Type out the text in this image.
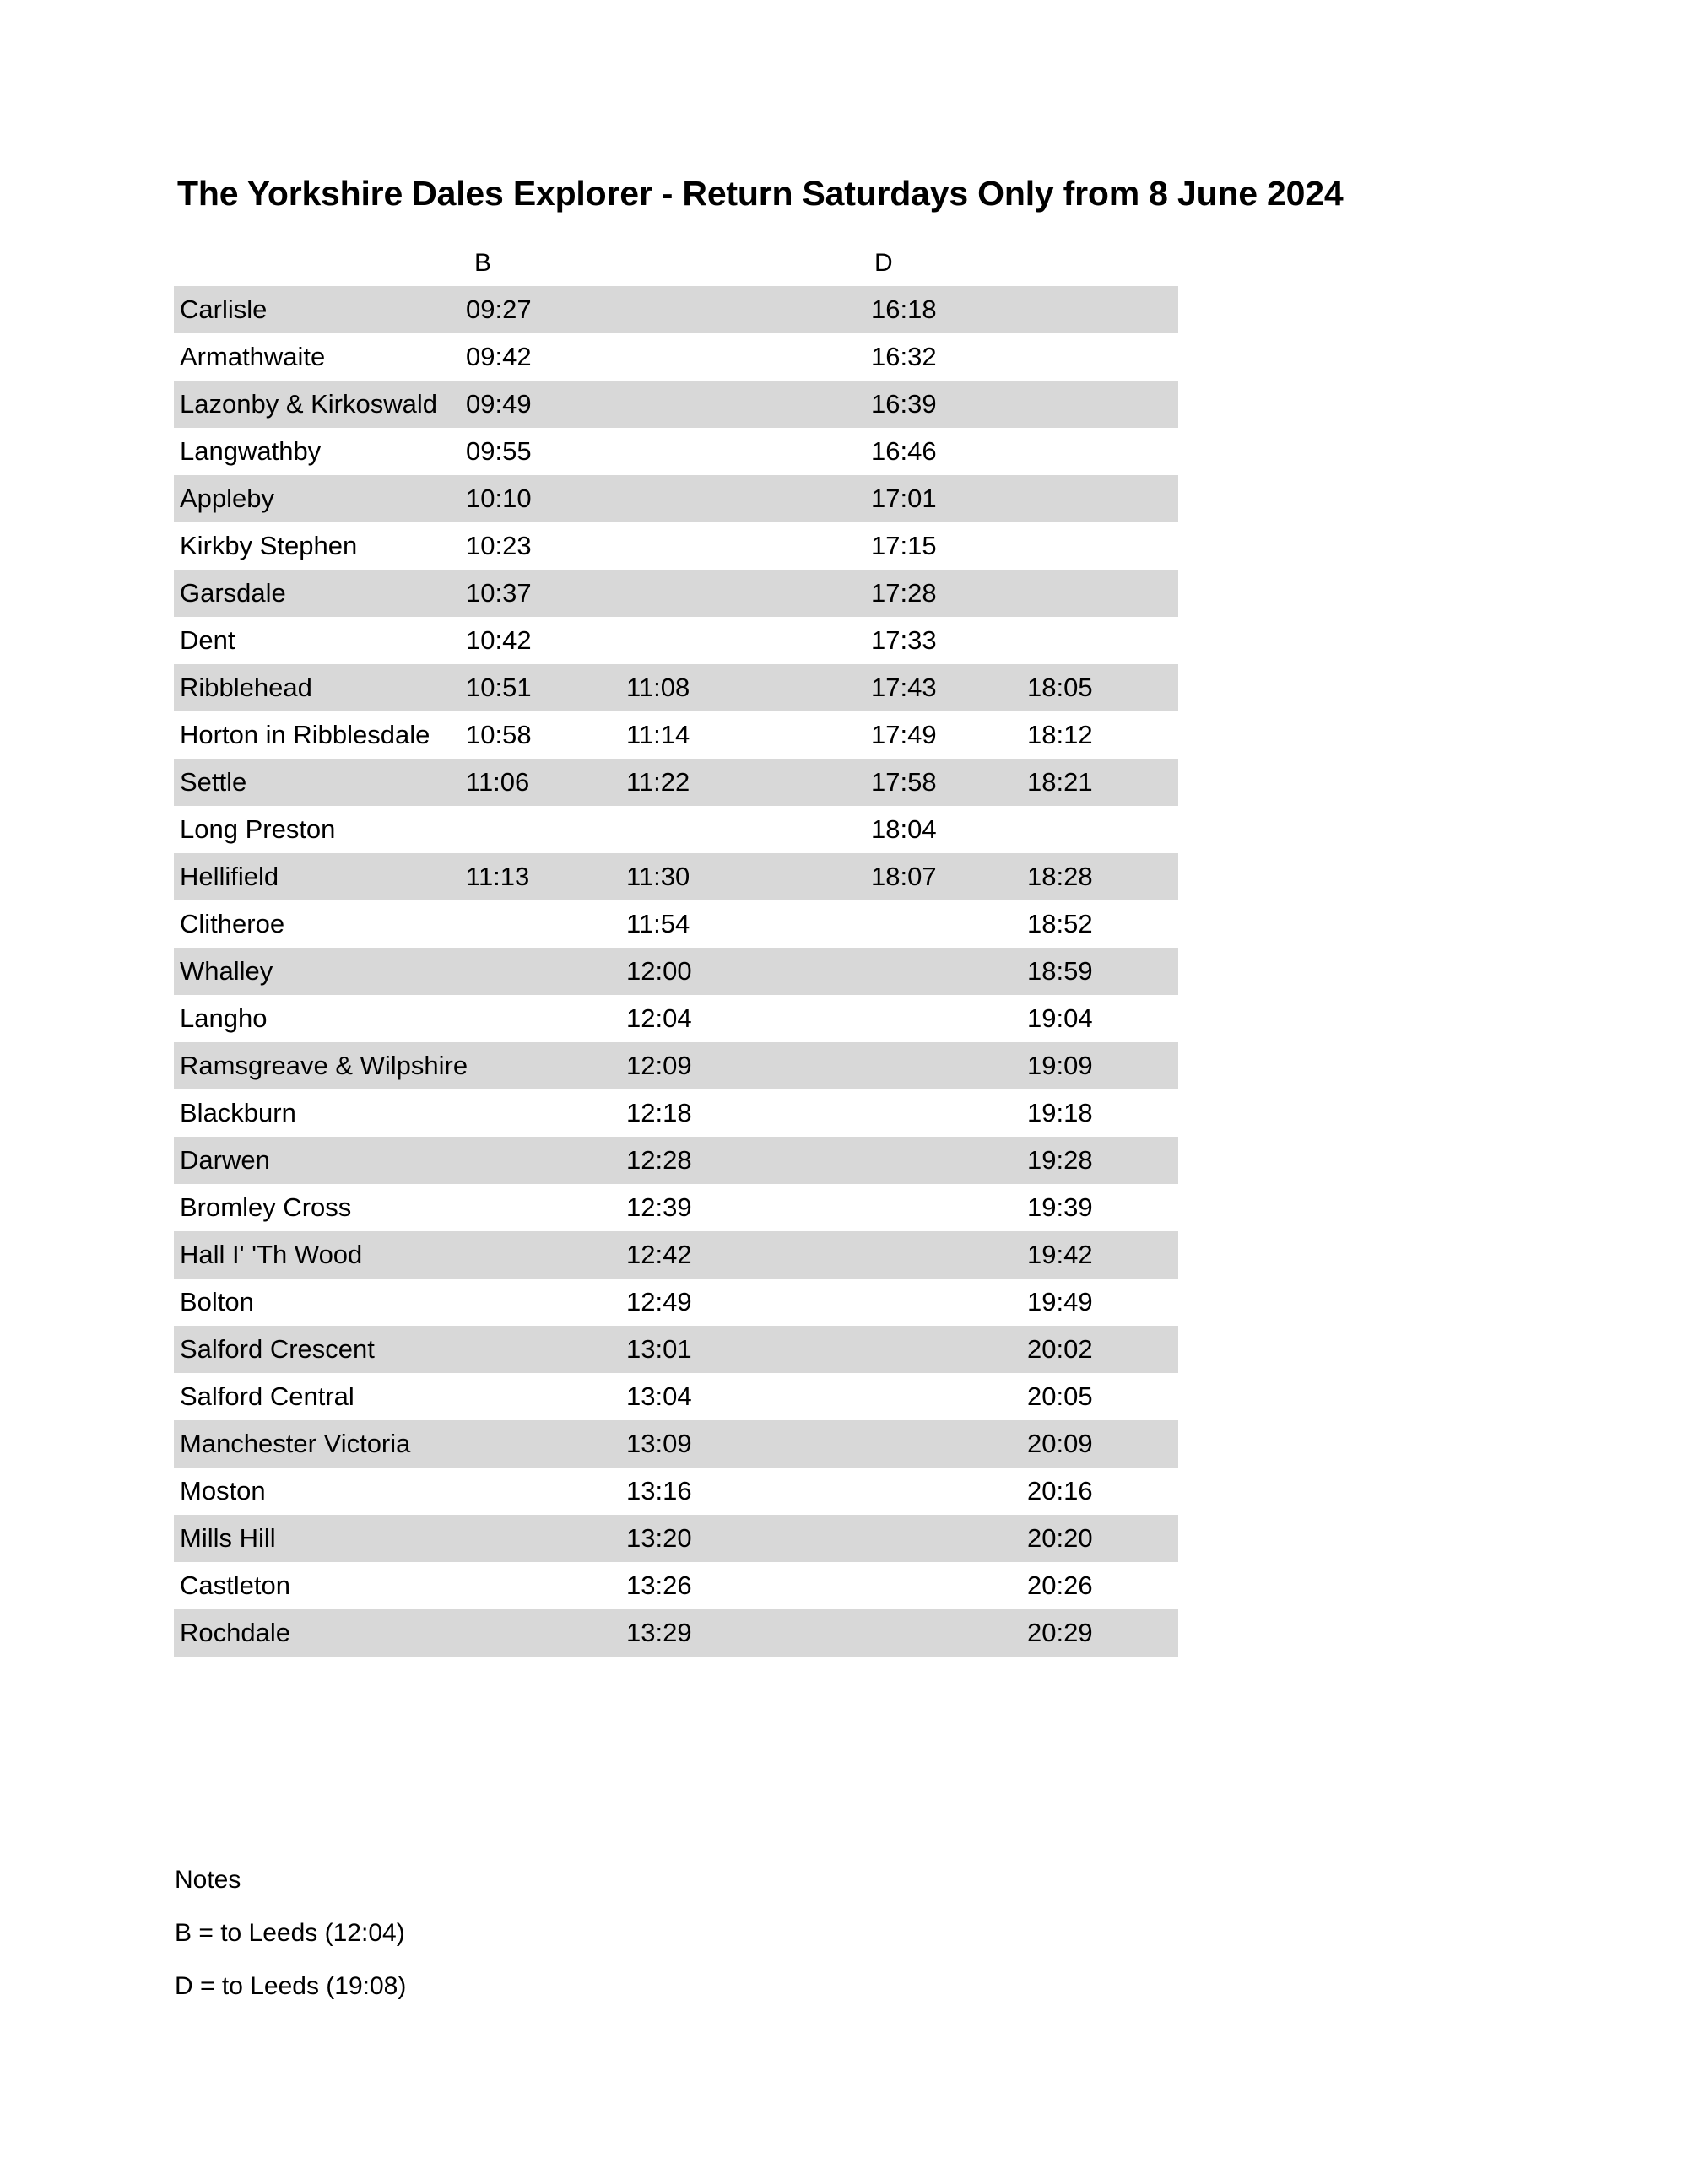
The Yorkshire Dales Explorer - Return Saturdays Only from 8 June 2024
	B		D	
Carlisle	09:27		16:18	
Armathwaite	09:42		16:32	
Lazonby & Kirkoswald	09:49		16:39	
Langwathby	09:55		16:46	
Appleby	10:10		17:01	
Kirkby Stephen	10:23		17:15	
Garsdale	10:37		17:28	
Dent	10:42		17:33	
Ribblehead	10:51	11:08	17:43	18:05
Horton in Ribblesdale	10:58	11:14	17:49	18:12
Settle	11:06	11:22	17:58	18:21
Long Preston			18:04	
Hellifield	11:13	11:30	18:07	18:28
Clitheroe		11:54		18:52
Whalley		12:00		18:59
Langho		12:04		19:04
Ramsgreave & Wilpshire		12:09		19:09
Blackburn		12:18		19:18
Darwen		12:28		19:28
Bromley Cross		12:39		19:39
Hall I' 'Th Wood		12:42		19:42
Bolton		12:49		19:49
Salford Crescent		13:01		20:02
Salford Central		13:04		20:05
Manchester Victoria		13:09		20:09
Moston		13:16		20:16
Mills Hill		13:20		20:20
Castleton		13:26		20:26
Rochdale		13:29		20:29
Notes
B = to Leeds (12:04)
D = to Leeds (19:08)
